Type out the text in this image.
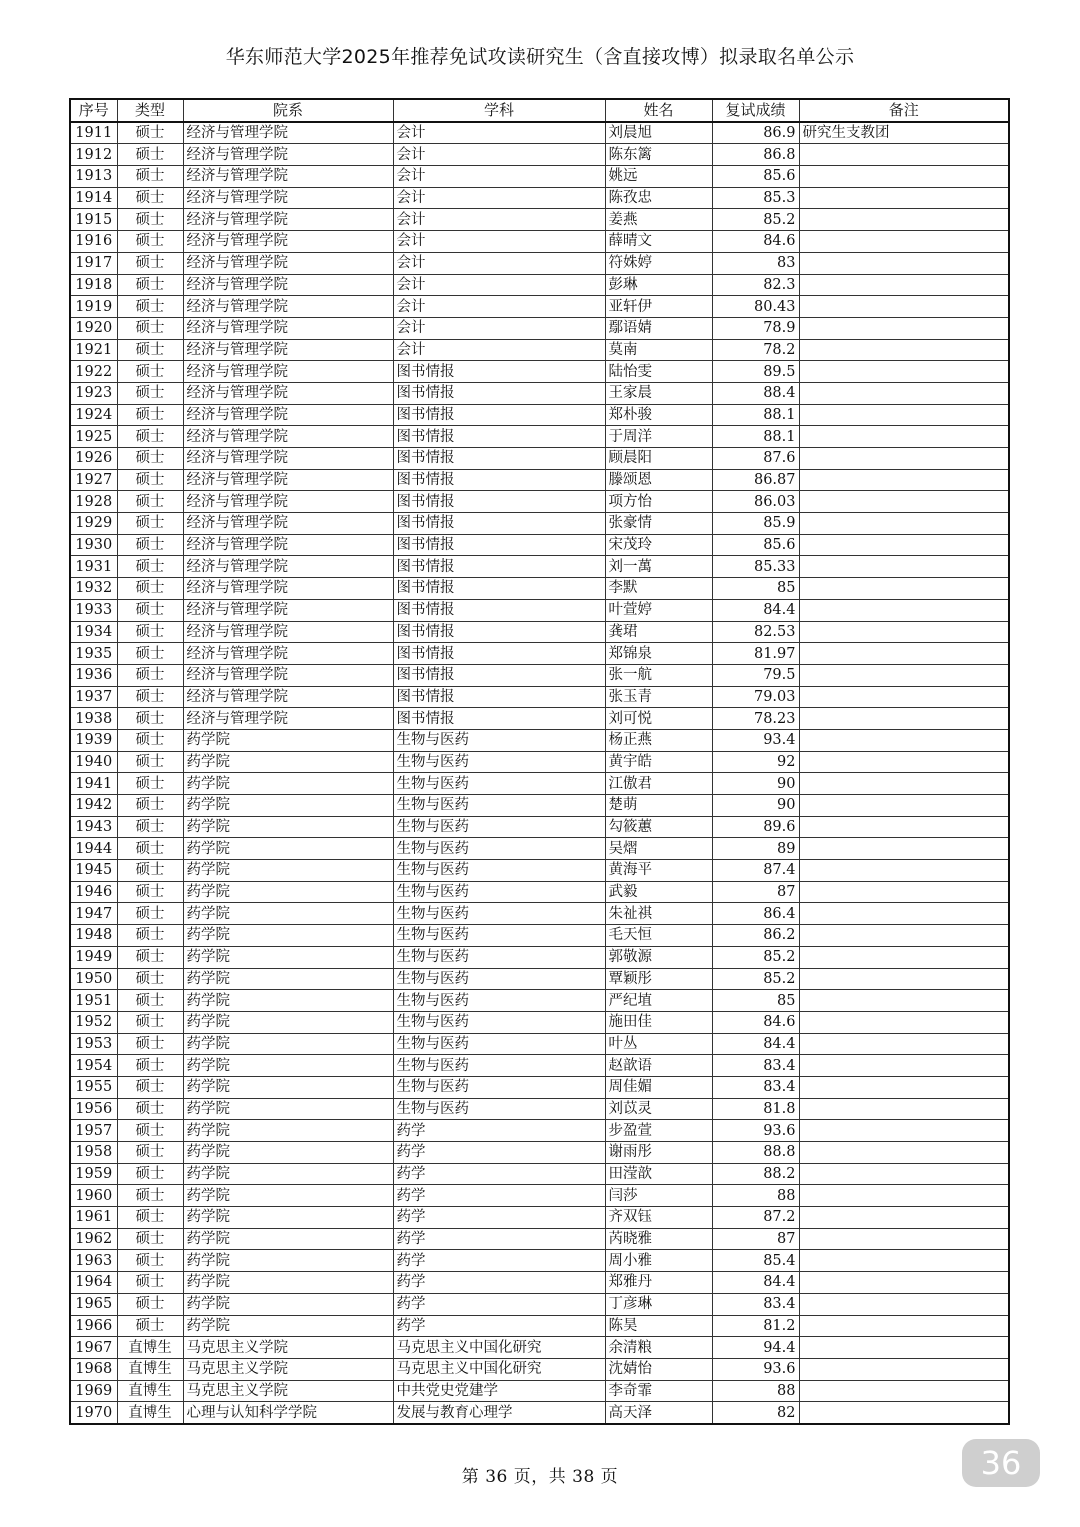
华东师范大学2025年推荐免试攻读研究生（含直接攻博）拟录取名单公示
序号	类型	院系	学科	姓名	复试成绩	备注
1911	硕士	经济与管理学院	会计	刘晨旭	86.9	研究生支教团
1912	硕士	经济与管理学院	会计	陈东篱	86.8	
1913	硕士	经济与管理学院	会计	姚远	85.6	
1914	硕士	经济与管理学院	会计	陈孜忠	85.3	
1915	硕士	经济与管理学院	会计	姜燕	85.2	
1916	硕士	经济与管理学院	会计	薛晴文	84.6	
1917	硕士	经济与管理学院	会计	符姝婷	83	
1918	硕士	经济与管理学院	会计	彭琳	82.3	
1919	硕士	经济与管理学院	会计	亚轩伊	80.43	
1920	硕士	经济与管理学院	会计	鄢语婧	78.9	
1921	硕士	经济与管理学院	会计	莫南	78.2	
1922	硕士	经济与管理学院	图书情报	陆怡雯	89.5	
1923	硕士	经济与管理学院	图书情报	王家晨	88.4	
1924	硕士	经济与管理学院	图书情报	郑朴骏	88.1	
1925	硕士	经济与管理学院	图书情报	于周洋	88.1	
1926	硕士	经济与管理学院	图书情报	顾晨阳	87.6	
1927	硕士	经济与管理学院	图书情报	滕颂恩	86.87	
1928	硕士	经济与管理学院	图书情报	项方怡	86.03	
1929	硕士	经济与管理学院	图书情报	张豪情	85.9	
1930	硕士	经济与管理学院	图书情报	宋茂玲	85.6	
1931	硕士	经济与管理学院	图书情报	刘一萬	85.33	
1932	硕士	经济与管理学院	图书情报	李默	85	
1933	硕士	经济与管理学院	图书情报	叶萱婷	84.4	
1934	硕士	经济与管理学院	图书情报	龚珺	82.53	
1935	硕士	经济与管理学院	图书情报	郑锦泉	81.97	
1936	硕士	经济与管理学院	图书情报	张一航	79.5	
1937	硕士	经济与管理学院	图书情报	张玉青	79.03	
1938	硕士	经济与管理学院	图书情报	刘可悦	78.23	
1939	硕士	药学院	生物与医药	杨正燕	93.4	
1940	硕士	药学院	生物与医药	黄宇皓	92	
1941	硕士	药学院	生物与医药	江傲君	90	
1942	硕士	药学院	生物与医药	楚萌	90	
1943	硕士	药学院	生物与医药	勾筱蕙	89.6	
1944	硕士	药学院	生物与医药	吴熠	89	
1945	硕士	药学院	生物与医药	黄海平	87.4	
1946	硕士	药学院	生物与医药	武毅	87	
1947	硕士	药学院	生物与医药	朱祉祺	86.4	
1948	硕士	药学院	生物与医药	毛天恒	86.2	
1949	硕士	药学院	生物与医药	郭敬源	85.2	
1950	硕士	药学院	生物与医药	覃颖彤	85.2	
1951	硕士	药学院	生物与医药	严纪埴	85	
1952	硕士	药学院	生物与医药	施田佳	84.6	
1953	硕士	药学院	生物与医药	叶丛	84.4	
1954	硕士	药学院	生物与医药	赵歆语	83.4	
1955	硕士	药学院	生物与医药	周佳媚	83.4	
1956	硕士	药学院	生物与医药	刘苡灵	81.8	
1957	硕士	药学院	药学	步盈萱	93.6	
1958	硕士	药学院	药学	谢雨彤	88.8	
1959	硕士	药学院	药学	田滢歆	88.2	
1960	硕士	药学院	药学	闫莎	88	
1961	硕士	药学院	药学	齐双钰	87.2	
1962	硕士	药学院	药学	芮晓雅	87	
1963	硕士	药学院	药学	周小雅	85.4	
1964	硕士	药学院	药学	郑雅丹	84.4	
1965	硕士	药学院	药学	丁彦琳	83.4	
1966	硕士	药学院	药学	陈昊	81.2	
1967	直博生	马克思主义学院	马克思主义中国化研究	余清粮	94.4	
1968	直博生	马克思主义学院	马克思主义中国化研究	沈婧怡	93.6	
1969	直博生	马克思主义学院	中共党史党建学	李奇霏	88	
1970	直博生	心理与认知科学学院	发展与教育心理学	高天泽	82	
第 36 页，共 38 页	36
